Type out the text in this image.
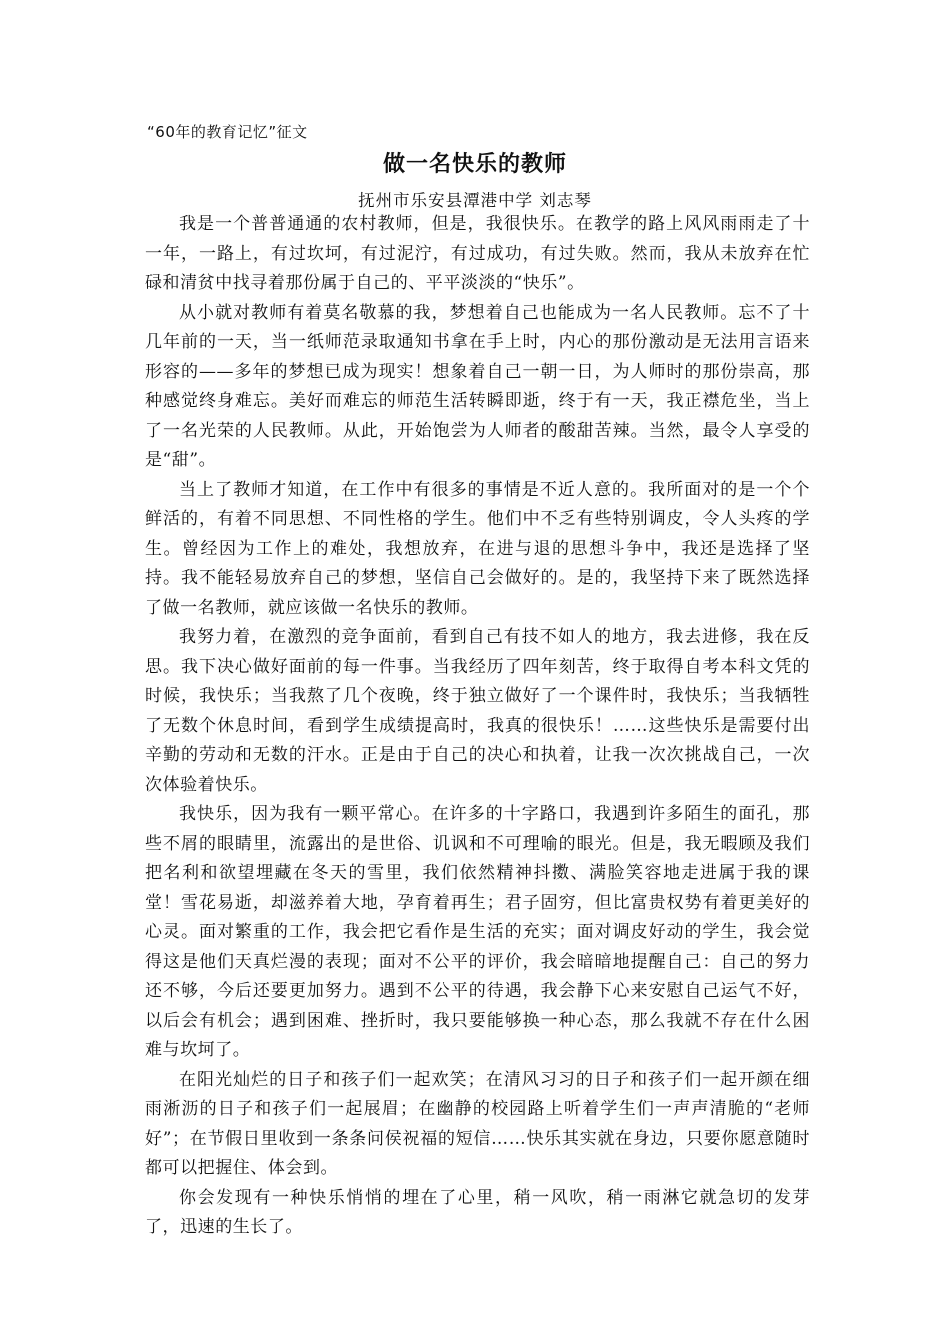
“60年的教育记忆”征文
做一名快乐的教师
抚州市乐安县潭港中学 刘志琴

我是一个普普通通的农村教师，但是，我很快乐。在教学的路上风风雨雨走了十一年，一路上，有过坎坷，有过泥泞，有过成功，有过失败。然而，我从未放弃在忙碌和清贫中找寻着那份属于自己的、平平淡淡的“快乐”。

从小就对教师有着莫名敬慕的我，梦想着自己也能成为一名人民教师。忘不了十几年前的一天，当一纸师范录取通知书拿在手上时，内心的那份激动是无法用言语来形容的——多年的梦想已成为现实！想象着自己一朝一日，为人师时的那份崇高，那种感觉终身难忘。美好而难忘的师范生活转瞬即逝，终于有一天，我正襟危坐，当上了一名光荣的人民教师。从此，开始饱尝为人师者的酸甜苦辣。当然，最令人享受的是“甜”。

当上了教师才知道，在工作中有很多的事情是不近人意的。我所面对的是一个个鲜活的，有着不同思想、不同性格的学生。他们中不乏有些特别调皮，令人头疼的学生。曾经因为工作上的难处，我想放弃，在进与退的思想斗争中，我还是选择了坚持。我不能轻易放弃自己的梦想，坚信自己会做好的。是的，我坚持下来了既然选择了做一名教师，就应该做一名快乐的教师。

我努力着，在激烈的竞争面前，看到自己有技不如人的地方，我去进修，我在反思。我下决心做好面前的每一件事。当我经历了四年刻苦，终于取得自考本科文凭的时候，我快乐；当我熬了几个夜晚，终于独立做好了一个课件时，我快乐；当我牺牲了无数个休息时间，看到学生成绩提高时，我真的很快乐！……这些快乐是需要付出辛勤的劳动和无数的汗水。正是由于自己的决心和执着，让我一次次挑战自己，一次次体验着快乐。

我快乐，因为我有一颗平常心。在许多的十字路口，我遇到许多陌生的面孔，那些不屑的眼睛里，流露出的是世俗、讥讽和不可理喻的眼光。但是，我无暇顾及我们把名利和欲望埋藏在冬天的雪里，我们依然精神抖擞、满脸笑容地走进属于我的课堂！雪花易逝，却滋养着大地，孕育着再生；君子固穷，但比富贵权势有着更美好的心灵。面对繁重的工作，我会把它看作是生活的充实；面对调皮好动的学生，我会觉得这是他们天真烂漫的表现；面对不公平的评价，我会暗暗地提醒自己：自己的努力还不够，今后还要更加努力。遇到不公平的待遇，我会静下心来安慰自己运气不好，以后会有机会；遇到困难、挫折时，我只要能够换一种心态，那么我就不存在什么困难与坎坷了。

在阳光灿烂的日子和孩子们一起欢笑；在清风习习的日子和孩子们一起开颜在细雨淅沥的日子和孩子们一起展眉；在幽静的校园路上听着学生们一声声清脆的“老师好”；在节假日里收到一条条问侯祝福的短信……快乐其实就在身边，只要你愿意随时都可以把握住、体会到。

你会发现有一种快乐悄悄的埋在了心里，稍一风吹，稍一雨淋它就急切的发芽了，迅速的生长了。
